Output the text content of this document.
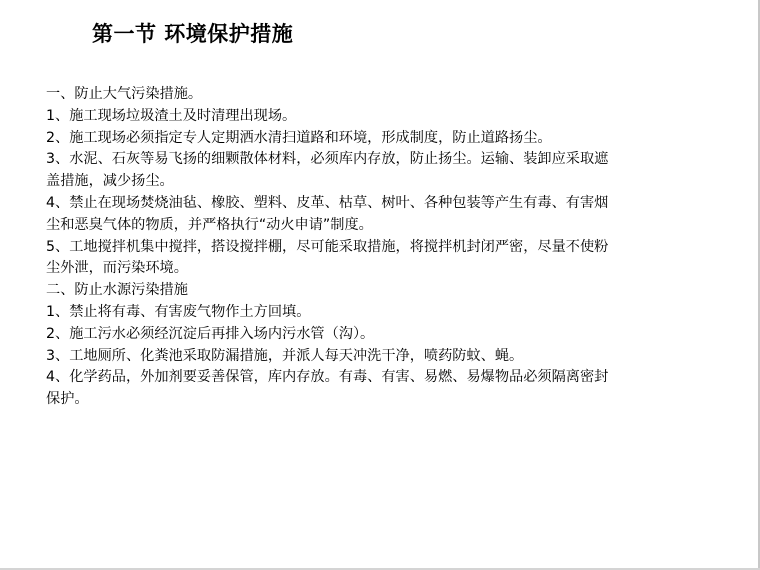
第一节 环境保护措施
一、防止大气污染措施。
1、施工现场垃圾渣土及时清理出现场。
2、施工现场必须指定专人定期洒水清扫道路和环境，形成制度，防止道路扬尘。
3、水泥、石灰等易飞扬的细颗散体材料，必须库内存放，防止扬尘。运输、装卸应采取遮
盖措施，减少扬尘。
4、禁止在现场焚烧油毡、橡胶、塑料、皮革、枯草、树叶、各种包装等产生有毒、有害烟
尘和恶臭气体的物质，并严格执行“动火申请”制度。
5、工地搅拌机集中搅拌，搭设搅拌棚，尽可能采取措施，将搅拌机封闭严密，尽量不使粉
尘外泄，而污染环境。
二、防止水源污染措施
1、禁止将有毒、有害废气物作土方回填。
2、施工污水必须经沉淀后再排入场内污水管（沟）。
3、工地厕所、化粪池采取防漏措施，并派人每天冲洗干净，喷药防蚊、蝇。
4、化学药品，外加剂要妥善保管，库内存放。有毒、有害、易燃、易爆物品必须隔离密封
保护。
